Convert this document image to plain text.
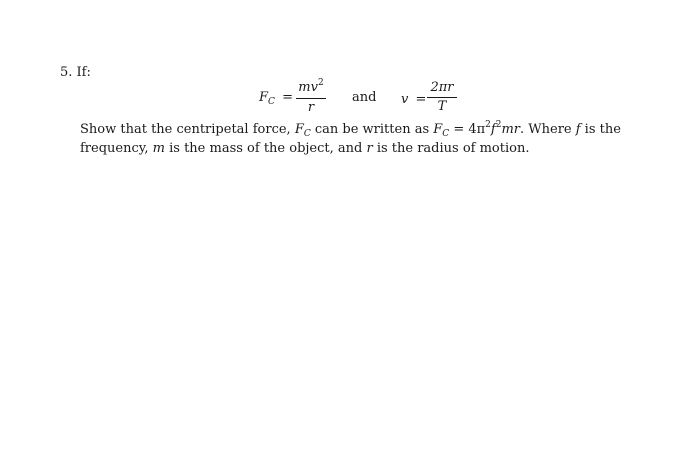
5. If:
$F_C$ =
$mv^2$
r
and v =
2πr
T
Show that the centripetal force, $F_C$ can be written as $F_C = 4\pi^2f^2mr$. Where f is the frequency, m is the mass of the object, and r is the radius of motion.
